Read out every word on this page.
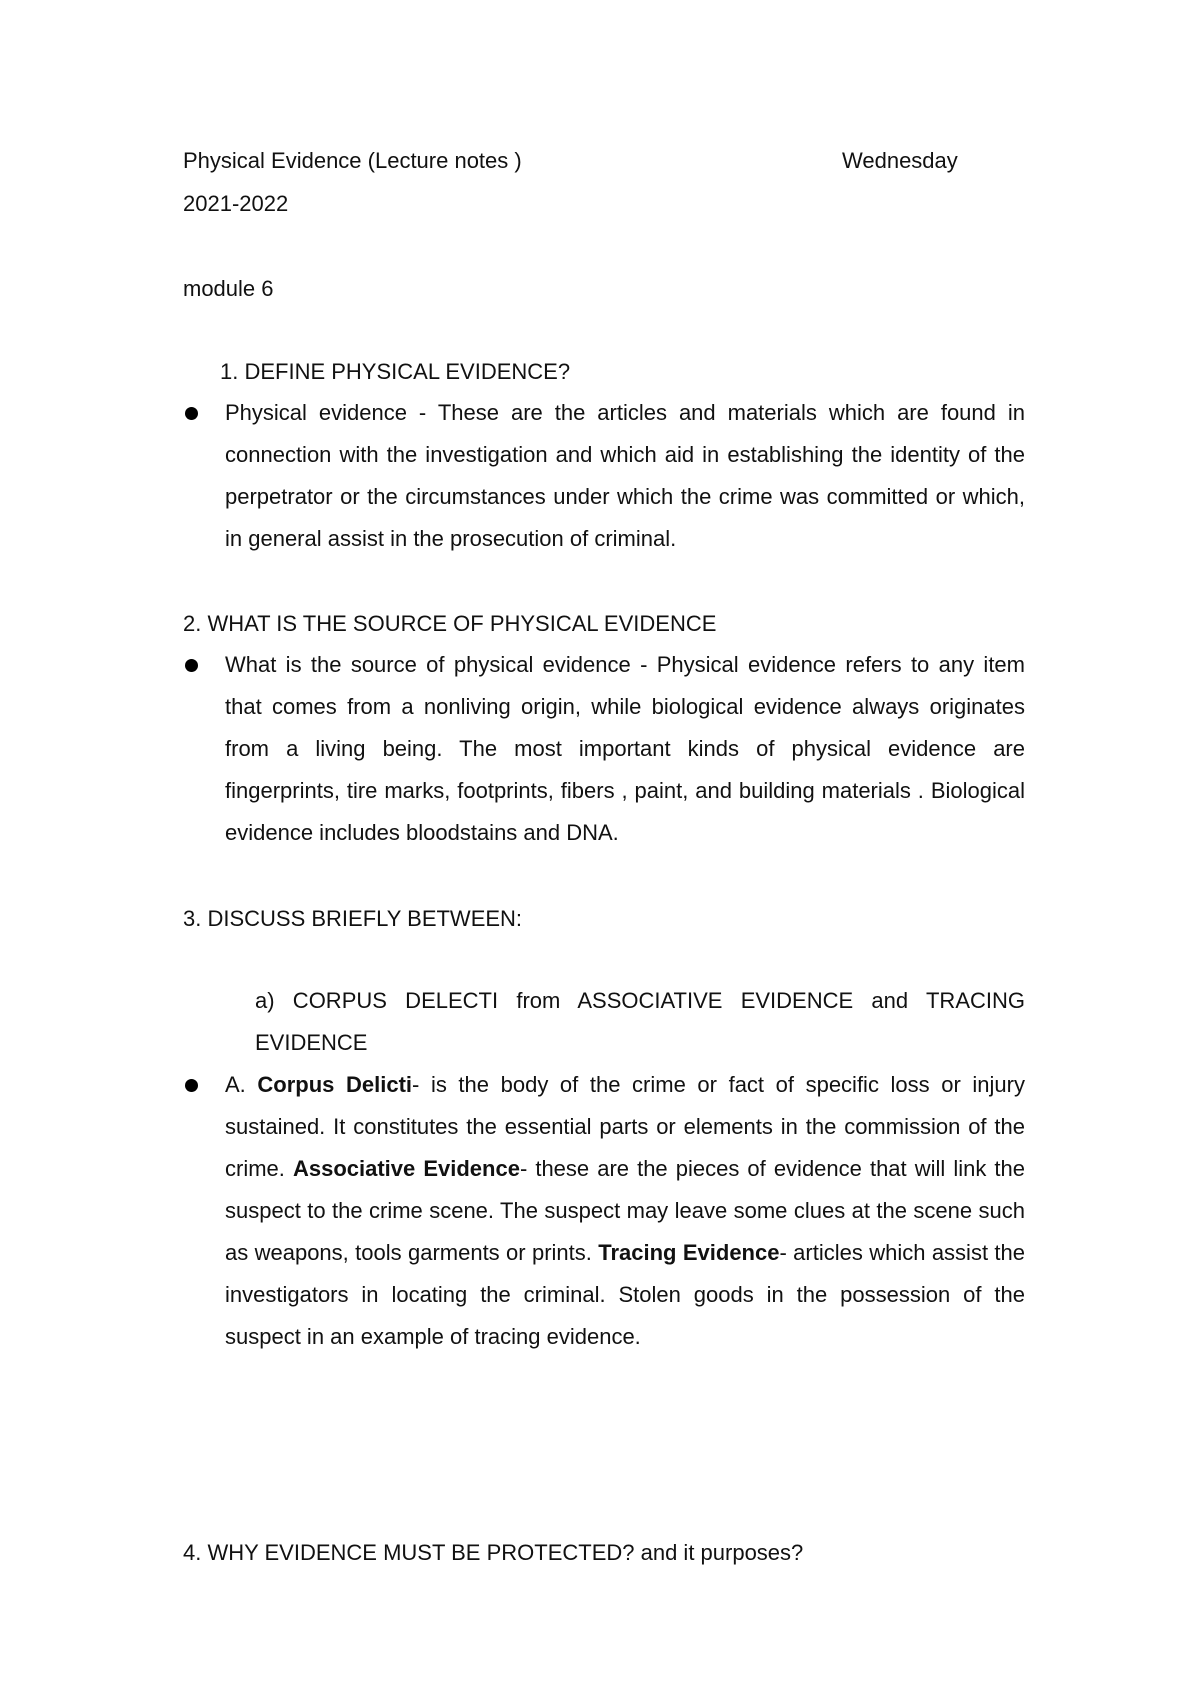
Physical Evidence (Lecture notes )	Wednesday
2021-2022
module 6
1. DEFINE PHYSICAL EVIDENCE?
Physical evidence - These are the articles and materials which are found in connection with the investigation and which aid in establishing the identity of the perpetrator or the circumstances under which the crime was committed or which, in general assist in the prosecution of criminal.
2. WHAT IS THE SOURCE OF PHYSICAL EVIDENCE
What is the source of physical evidence - Physical evidence refers to any item that comes from a nonliving origin, while biological evidence always originates from a living being. The most important kinds of physical evidence are fingerprints, tire marks, footprints, fibers , paint, and building materials . Biological evidence includes bloodstains and DNA.
3. DISCUSS BRIEFLY BETWEEN:
a) CORPUS DELECTI from ASSOCIATIVE EVIDENCE and TRACING EVIDENCE
A. Corpus Delicti- is the body of the crime or fact of specific loss or injury sustained. It constitutes the essential parts or elements in the commission of the crime. Associative Evidence- these are the pieces of evidence that will link the suspect to the crime scene. The suspect may leave some clues at the scene such as weapons, tools garments or prints. Tracing Evidence- articles which assist the investigators in locating the criminal. Stolen goods in the possession of the suspect in an example of tracing evidence.
4. WHY EVIDENCE MUST BE PROTECTED? and it purposes?
